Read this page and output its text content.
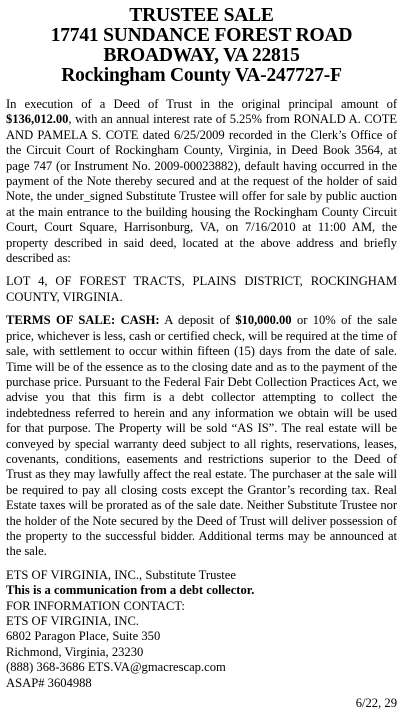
TRUSTEE SALE
17741 SUNDANCE FOREST ROAD
BROADWAY, VA 22815
Rockingham County VA-247727-F

In execution of a Deed of Trust in the original principal amount of $136,012.00, with an annual interest rate of 5.25% from RONALD A. COTE AND PAMELA S. COTE dated 6/25/2009 recorded in the Clerk’s Office of the Circuit Court of Rockingham County, Virginia, in Deed Book 3564, at page 747 (or Instrument No. 2009-00023882), default having occurred in the payment of the Note thereby secured and at the request of the holder of said Note, the under_signed Substitute Trustee will offer for sale by public auction at the main entrance to the building housing the Rockingham County Circuit Court, Court Square, Harrisonburg, VA, on 7/16/2010 at 11:00 AM, the property described in said deed, located at the above address and briefly described as:

LOT 4, OF FOREST TRACTS, PLAINS DISTRICT, ROCKINGHAM COUNTY, VIRGINIA.

TERMS OF SALE: CASH: A deposit of $10,000.00 or 10% of the sale price, whichever is less, cash or certified check, will be required at the time of sale, with settlement to occur within fifteen (15) days from the date of sale. Time will be of the essence as to the closing date and as to the payment of the purchase price. Pursuant to the Federal Fair Debt Collection Practices Act, we advise you that this firm is a debt collector attempting to collect the indebtedness referred to herein and any information we obtain will be used for that purpose. The Property will be sold “AS IS”. The real estate will be conveyed by special warranty deed subject to all rights, reservations, leases, covenants, conditions, easements and restrictions superior to the Deed of Trust as they may lawfully affect the real estate. The purchaser at the sale will be required to pay all closing costs except the Grantor’s recording tax. Real Estate taxes will be prorated as of the sale date. Neither Substitute Trustee nor the holder of the Note secured by the Deed of Trust will deliver possession of the property to the successful bidder. Additional terms may be announced at the sale.

ETS OF VIRGINIA, INC., Substitute Trustee
This is a communication from a debt collector.
FOR INFORMATION CONTACT:
ETS OF VIRGINIA, INC.
6802 Paragon Place, Suite 350
Richmond, Virginia, 23230
(888) 368-3686 ETS.VA@gmacrescap.com
ASAP# 3604988
6/22, 29
